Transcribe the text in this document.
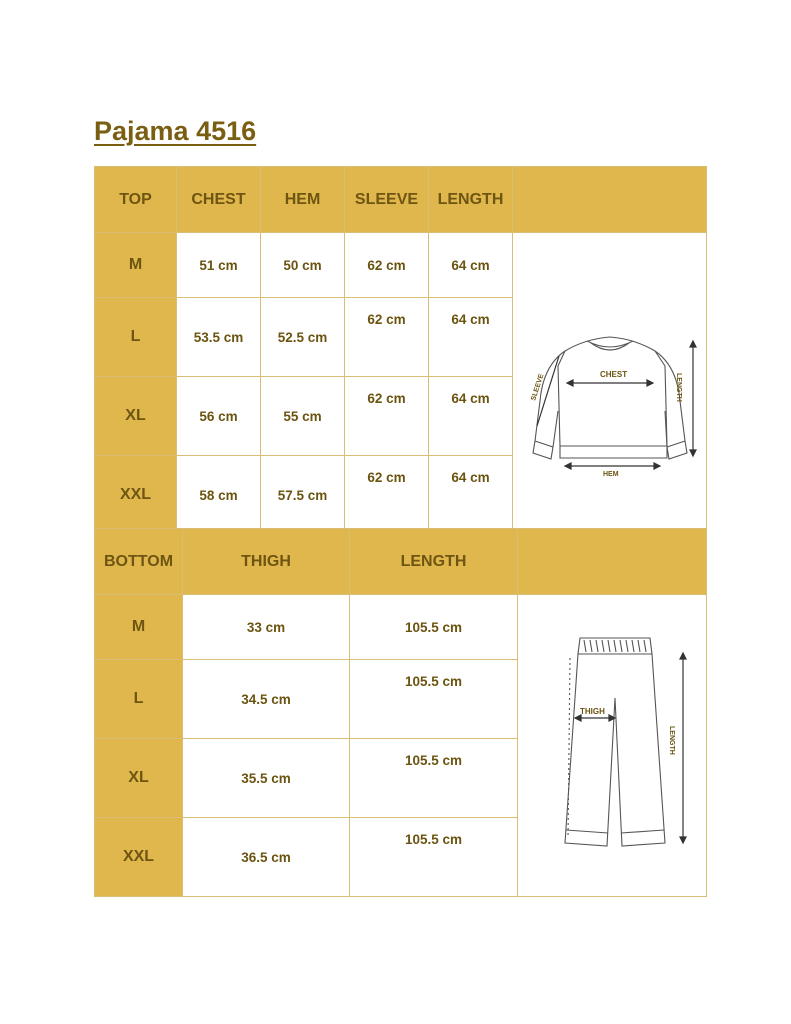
Pajama 4516
TOP	CHEST	HEM	SLEEVE	LENGTH	
M	51 cm	50 cm	62 cm	64 cm	CHEST
HEM
LENGTH
SLEEVE

L	53.5 cm	52.5 cm	62 cm	64 cm	
XL	56 cm	55 cm	62 cm	64 cm	
XXL	58 cm	57.5 cm	62 cm	64 cm	
BOTTOM	THIGH	LENGTH	
M	33 cm	105.5 cm	THIGH
LENGTH

L	34.5 cm	105.5 cm	
XL	35.5 cm	105.5 cm	
XXL	36.5 cm	105.5 cm	
